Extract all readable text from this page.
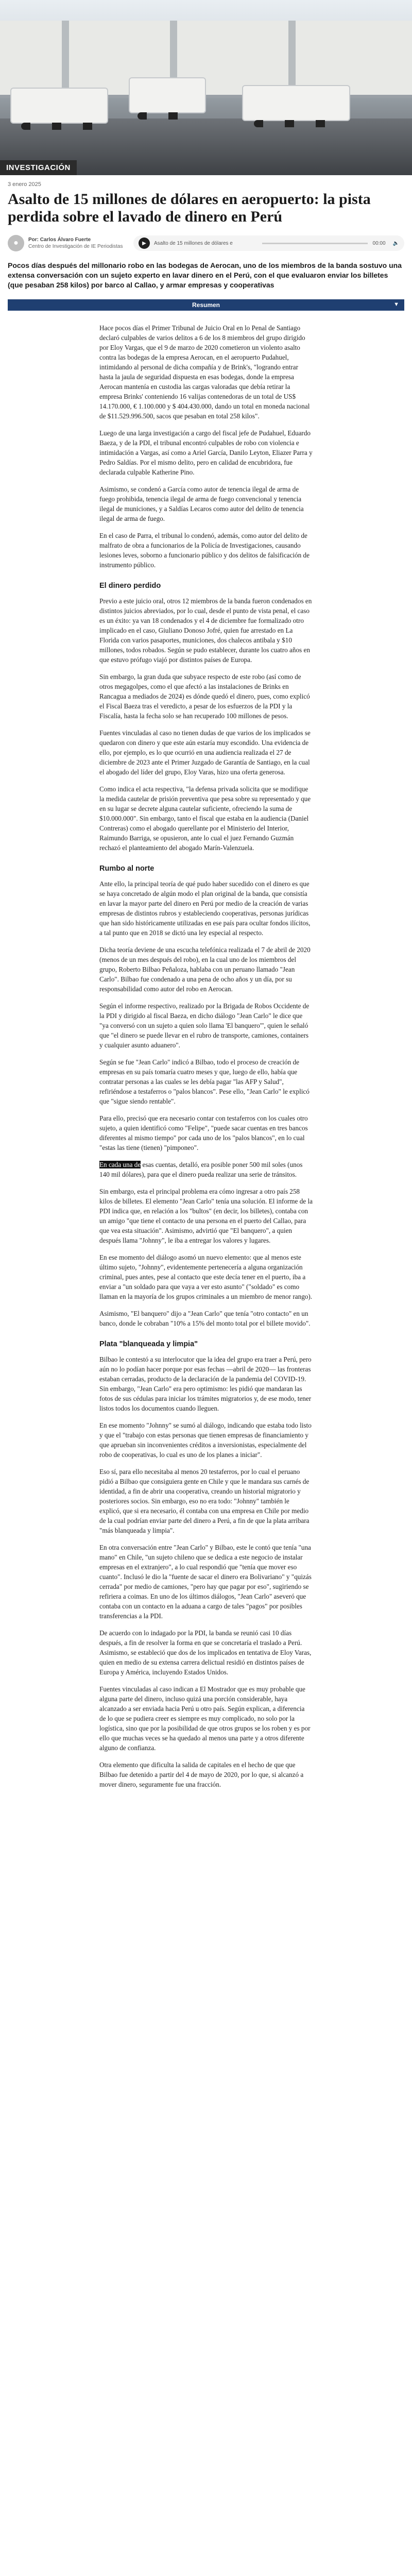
INVESTIGACIÓN
3 enero 2025
Asalto de 15 millones de dólares en aeropuerto: la pista perdida sobre el lavado de dinero en Perú
● Por: Carlos Álvaro Fuerte
Centro de Investigación de IE Periodistas
▶	Asalto de 15 millones de dólares e	00:00 🔈

Pocos días después del millonario robo en las bodegas de Aerocan, uno de los miembros de la banda sostuvo una extensa conversación con un sujeto experto en lavar dinero en el Perú, con el que evaluaron enviar los billetes (que pesaban 258 kilos) por barco al Callao, y armar empresas y cooperativas

Resumen	▼

Hace pocos días el Primer Tribunal de Juicio Oral en lo Penal de Santiago declaró culpables de varios delitos a 6 de los 8 miembros del grupo dirigido por Eloy Vargas, que el 9 de marzo de 2020 cometieron un violento asalto contra las bodegas de la empresa Aerocan, en el aeropuerto Pudahuel, intimidando al personal de dicha compañía y de Brink's, "logrando entrar hasta la jaula de seguridad dispuesta en esas bodegas, donde la empresa Aerocan mantenía en custodia las cargas valoradas que debía retirar la empresa Brinks' conteniendo 16 valijas contenedoras de un total de US$ 14.170.000, € 1.100.000 y $ 404.430.000, dando un total en moneda nacional de $11.529.996.500, sacos que pesaban en total 258 kilos".

Luego de una larga investigación a cargo del fiscal jefe de Pudahuel, Eduardo Baeza, y de la PDI, el tribunal encontró culpables de robo con violencia e intimidación a Vargas, así como a Ariel García, Danilo Leyton, Eliazer Parra y Pedro Saldías. Por el mismo delito, pero en calidad de encubridora, fue declarada culpable Katherine Pino.

Asimismo, se condenó a García como autor de tenencia ilegal de arma de fuego prohibida, tenencia ilegal de arma de fuego convencional y tenencia ilegal de municiones, y a Saldías Lecaros como autor del delito de tenencia ilegal de arma de fuego.

En el caso de Parra, el tribunal lo condenó, además, como autor del delito de malfrato de obra a funcionarios de la Policía de Investigaciones, causando lesiones leves, soborno a funcionario público y dos delitos de falsificación de instrumento público.

El dinero perdido

Previo a este juicio oral, otros 12 miembros de la banda fueron condenados en distintos juicios abreviados, por lo cual, desde el punto de vista penal, el caso es un éxito: ya van 18 condenados y el 4 de diciembre fue formalizado otro implicado en el caso, Giuliano Donoso Jofré, quien fue arrestado en La Florida con varios pasaportes, municiones, dos chalecos antibala y $10 millones, todos robados. Según se pudo establecer, durante los cuatro años en que estuvo prófugo viajó por distintos países de Europa.

Sin embargo, la gran duda que subyace respecto de este robo (así como de otros megagolpes, como el que afectó a las instalaciones de Brinks en Rancagua a mediados de 2024) es dónde quedó el dinero, pues, como explicó el Fiscal Baeza tras el veredicto, a pesar de los esfuerzos de la PDI y la Fiscalía, hasta la fecha solo se han recuperado 100 millones de pesos.

Fuentes vinculadas al caso no tienen dudas de que varios de los implicados se quedaron con dinero y que este aún estaría muy escondido. Una evidencia de ello, por ejemplo, es lo que ocurrió en una audiencia realizada el 27 de diciembre de 2023 ante el Primer Juzgado de Garantía de Santiago, en la cual el abogado del líder del grupo, Eloy Varas, hizo una oferta generosa.

Como indica el acta respectiva, "la defensa privada solicita que se modifique la medida cautelar de prisión preventiva que pesa sobre su representado y que en su lugar se decrete alguna cautelar suficiente, ofreciendo la suma de $10.000.000". Sin embargo, tanto el fiscal que estaba en la audiencia (Daniel Contreras) como el abogado querellante por el Ministerio del Interior, Raimundo Barriga, se opusieron, ante lo cual el juez Fernando Guzmán rechazó el planteamiento del abogado Marín-Valenzuela.

Rumbo al norte

Ante ello, la principal teoría de qué pudo haber sucedido con el dinero es que se haya concretado de algún modo el plan original de la banda, que consistía en lavar la mayor parte del dinero en Perú por medio de la creación de varias empresas de distintos rubros y estableciendo cooperativas, personas jurídicas que han sido históricamente utilizadas en ese país para ocultar fondos ilícitos, a tal punto que en 2018 se dictó una ley especial al respecto.

Dicha teoría deviene de una escucha telefónica realizada el 7 de abril de 2020 (menos de un mes después del robo), en la cual uno de los miembros del grupo, Roberto Bilbao Peñaloza, hablaba con un peruano llamado "Jean Carlo". Bilbao fue condenado a una pena de ocho años y un día, por su responsabilidad como autor del robo en Aerocan.

Según el informe respectivo, realizado por la Brigada de Robos Occidente de la PDI y dirigido al fiscal Baeza, en dicho diálogo "Jean Carlo" le dice que "ya conversó con un sujeto a quien solo llama 'El banquero'", quien le señaló que "el dinero se puede llevar en el rubro de transporte, camiones, containers y cualquier asunto aduanero".

Según se fue "Jean Carlo" indicó a Bilbao, todo el proceso de creación de empresas en su país tomaría cuatro meses y que, luego de ello, había que contratar personas a las cuales se les debía pagar "las AFP y Salud", refiriéndose a testaferros o "palos blancos". Pese ello, "Jean Carlo" le explicó que "sigue siendo rentable".

Para ello, precisó que era necesario contar con testaferros con los cuales otro sujeto, a quien identificó como "Felipe", "puede sacar cuentas en tres bancos diferentes al mismo tiempo" por cada uno de los "palos blancos", en lo cual "estas las tiene (tienen) "pimponeo".

En cada una de esas cuentas, detalló, era posible poner 500 mil soles (unos 140 mil dólares), para que el dinero pueda realizar una serie de tránsitos.

Sin embargo, esta el principal problema era cómo ingresar a otro país 258 kilos de billetes. El elemento "Jean Carlo" tenía una solución. El informe de la PDI indica que, en relación a los "bultos" (en decir, los billetes), contaba con un amigo "que tiene el contacto de una persona en el puerto del Callao, para que vea esta situación". Asimismo, advirtió que "El banquero", a quien después llama "Johnny", le iba a entregar los valores y lugares.

En ese momento del diálogo asomó un nuevo elemento: que al menos este último sujeto, "Johnny", evidentemente pertenecería a alguna organización criminal, pues antes, pese al contacto que este decía tener en el puerto, iba a enviar a "un soldado para que vaya a ver esto asunto" ("soldado" es como llaman en la mayoría de los grupos criminales a un miembro de menor rango).

Asimismo, "El banquero" dijo a "Jean Carlo" que tenía "otro contacto" en un banco, donde le cobraban "10% a 15% del monto total por el billete movido".

Plata "blanqueada y limpia"

Bilbao le contestó a su interlocutor que la idea del grupo era traer a Perú, pero aún no lo podían hacer porque por esas fechas —abril de 2020— las fronteras estaban cerradas, producto de la declaración de la pandemia del COVID-19. Sin embargo, "Jean Carlo" era pero optimismo: les pidió que mandaran las fotos de sus cédulas para iniciar los trámites migratorios y, de ese modo, tener listos todos los documentos cuando lleguen.

En ese momento "Johnny" se sumó al diálogo, indicando que estaba todo listo y que el "trabajo con estas personas que tienen empresas de financiamiento y que aprueban sin inconvenientes créditos a inversionistas, especialmente del robo de cooperativas, lo cual es uno de los planes a iniciar".

Eso sí, para ello necesitaba al menos 20 testaferros, por lo cual el peruano pidió a Bilbao que consiguiera gente en Chile y que le mandara sus carnés de identidad, a fin de abrir una cooperativa, creando un historial migratorio y posteriores socios. Sin embargo, eso no era todo: "Johnny" también le explicó, que si era necesario, él contaba con una empresa en Chile por medio de la cual podrían enviar parte del dinero a Perú, a fin de que la plata arribara "más blanqueada y limpia".

En otra conversación entre "Jean Carlo" y Bilbao, este le contó que tenía "una mano" en Chile, "un sujeto chileno que se dedica a este negocio de instalar empresas en el extranjero", a lo cual respondió que "tenía que mover eso cuanto". Inclusó le dio la "fuente de sacar el dinero era Bolivariano" y "quizás cerrada" por medio de camiones, "pero hay que pagar por eso", sugiriendo se refiriera a coimas. En uno de los últimos diálogos, "Jean Carlo" aseveró que contaba con un contacto en la aduana a cargo de tales "pagos" por posibles transferencias a la PDI.

De acuerdo con lo indagado por la PDI, la banda se reunió casi 10 días después, a fin de resolver la forma en que se concretaría el traslado a Perú. Asimismo, se estableció que dos de los implicados en tentativa de Eloy Varas, quien en medio de su extensa carrera delictual residió en distintos países de Europa y América, incluyendo Estados Unidos.

Fuentes vinculadas al caso indican a El Mostrador que es muy probable que alguna parte del dinero, incluso quizá una porción considerable, haya alcanzado a ser enviada hacia Perú u otro país. Según explican, a diferencia de lo que se pudiera creer es siempre es muy complicado, no solo por la logística, sino que por la posibilidad de que otros grupos se los roben y es por ello que muchas veces se ha quedado al menos una parte y a otros diferente alguno de confianza.

Otra elemento que dificulta la salida de capitales en el hecho de que que Bilbao fue detenido a partir del 4 de mayo de 2020, por lo que, si alcanzó a mover dinero, seguramente fue una fracción.
